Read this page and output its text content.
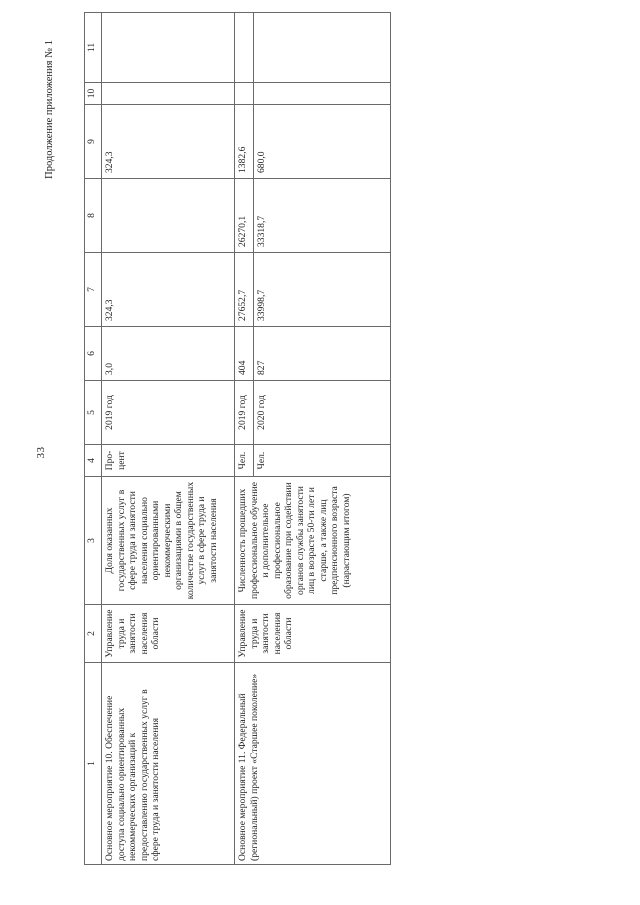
33
Продолжение приложения № 1
1	2	3	4	5	6	7	8	9	10	11
Основное мероприятие 10. Обеспечение доступа социально ориентированных некоммерческих организаций к предоставлению государственных услуг в сфере труда и занятости населения	Управление труда и занятости населения области	Доля оказанных государственных услуг в сфере труда и занятости населения социально ориентированными некоммерческими организациями в общем количестве государственных услуг в сфере труда и занятости населения	Про-цент	2019 год	3,0	324,3		324,3		
Основное мероприятие 11. Федеральный (региональный) проект «Старшее поколение»	Управление труда и занятости населения области	Численность прошедших профессиональное обучение и дополнительное профессиональное образование при содействии органов службы занятости лиц в возрасте 50-ти лет и старше, а также лиц предпенсионного возраста (нарастающим итогом)	Чел.	2019 год	404	27652,7	26270,1	1382,6		
			Чел.	2020 год	827	33998,7	33318,7	680,0		
